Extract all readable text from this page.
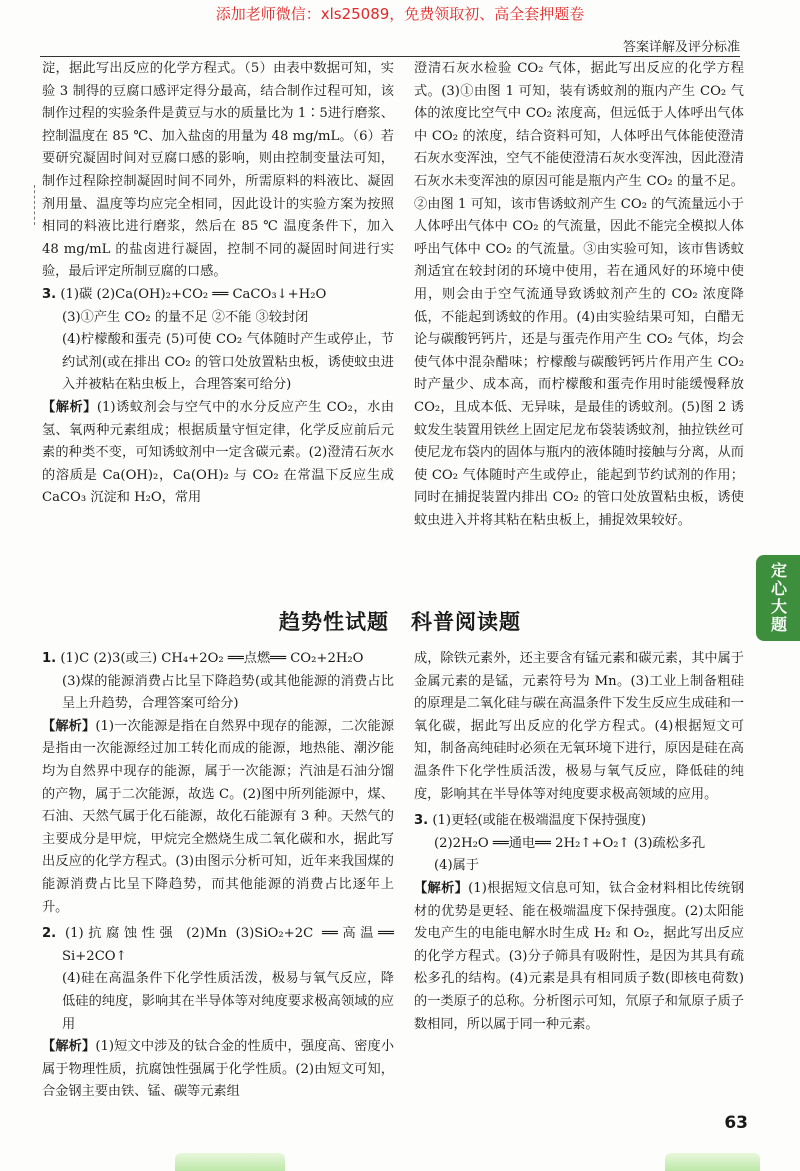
添加老师微信：xls25089，免费领取初、高全套押题卷
答案详解及评分标准

淀，据此写出反应的化学方程式。（5）由表中数据可知，实验 3 制得的豆腐口感评定得分最高，结合制作过程可知，该制作过程的实验条件是黄豆与水的质量比为 1∶5进行磨浆、控制温度在 85 ℃、加入盐卤的用量为 48 mg/mL。（6）若要研究凝固时间对豆腐口感的影响，则由控制变量法可知，制作过程除控制凝固时间不同外，所需原料的料液比、凝固剂用量、温度等均应完全相同，因此设计的实验方案为按照相同的料液比进行磨浆，然后在 85 ℃ 温度条件下，加入 48 mg/mL 的盐卤进行凝固，控制不同的凝固时间进行实验，最后评定所制豆腐的口感。

3. (1)碳 (2)Ca(OH)₂+CO₂ ══ CaCO₃↓+H₂O

(3)①产生 CO₂ 的量不足 ②不能 ③较封闭

(4)柠檬酸和蛋壳 (5)可使 CO₂ 气体随时产生或停止，节约试剂(或在排出 CO₂ 的管口处放置粘虫板，诱使蚊虫进入并被粘在粘虫板上，合理答案可给分)

【解析】(1)诱蚊剂会与空气中的水分反应产生 CO₂，水由氢、氧两种元素组成；根据质量守恒定律，化学反应前后元素的种类不变，可知诱蚊剂中一定含碳元素。(2)澄清石灰水的溶质是 Ca(OH)₂，Ca(OH)₂ 与 CO₂ 在常温下反应生成 CaCO₃ 沉淀和 H₂O，常用

澄清石灰水检验 CO₂ 气体，据此写出反应的化学方程式。(3)①由图 1 可知，装有诱蚊剂的瓶内产生 CO₂ 气体的浓度比空气中 CO₂ 浓度高，但远低于人体呼出气体中 CO₂ 的浓度，结合资料可知，人体呼出气体能使澄清石灰水变浑浊，空气不能使澄清石灰水变浑浊，因此澄清石灰水未变浑浊的原因可能是瓶内产生 CO₂ 的量不足。②由图 1 可知，该市售诱蚊剂产生 CO₂ 的气流量远小于人体呼出气体中 CO₂ 的气流量，因此不能完全模拟人体呼出气体中 CO₂ 的气流量。③由实验可知，该市售诱蚊剂适宜在较封闭的环境中使用，若在通风好的环境中使用，则会由于空气流通导致诱蚊剂产生的 CO₂ 浓度降低，不能起到诱蚊的作用。(4)由实验结果可知，白醋无论与碳酸钙钙片，还是与蛋壳作用产生 CO₂ 气体，均会使气体中混杂醋味；柠檬酸与碳酸钙钙片作用产生 CO₂ 时产量少、成本高，而柠檬酸和蛋壳作用时能缓慢释放 CO₂，且成本低、无异味，是最佳的诱蚊剂。(5)图 2 诱蚊发生装置用铁丝上固定尼龙布袋装诱蚊剂，抽拉铁丝可使尼龙布袋内的固体与瓶内的液体随时接触与分离，从而使 CO₂ 气体随时产生或停止，能起到节约试剂的作用；同时在捕捉装置内排出 CO₂ 的管口处放置粘虫板，诱使蚊虫进入并将其粘在粘虫板上，捕捉效果较好。

定心大题
趋势性试题　科普阅读题

1. (1)C (2)3(或三) CH₄+2O₂ ══点燃══ CO₂+2H₂O

(3)煤的能源消费占比呈下降趋势(或其他能源的消费占比呈上升趋势，合理答案可给分)

【解析】(1)一次能源是指在自然界中现存的能源，二次能源是指由一次能源经过加工转化而成的能源，地热能、潮汐能均为自然界中现存的能源，属于一次能源；汽油是石油分馏的产物，属于二次能源，故选 C。(2)图中所列能源中，煤、石油、天然气属于化石能源，故化石能源有 3 种。天然气的主要成分是甲烷，甲烷完全燃烧生成二氧化碳和水，据此写出反应的化学方程式。(3)由图示分析可知，近年来我国煤的能源消费占比呈下降趋势，而其他能源的消费占比逐年上升。

2. (1)抗腐蚀性强 (2)Mn (3)SiO₂+2C ══高温══ Si+2CO↑

(4)硅在高温条件下化学性质活泼，极易与氧气反应，降低硅的纯度，影响其在半导体等对纯度要求极高领域的应用

【解析】(1)短文中涉及的钛合金的性质中，强度高、密度小属于物理性质，抗腐蚀性强属于化学性质。(2)由短文可知，合金钢主要由铁、锰、碳等元素组

成，除铁元素外，还主要含有锰元素和碳元素，其中属于金属元素的是锰，元素符号为 Mn。(3)工业上制备粗硅的原理是二氧化硅与碳在高温条件下发生反应生成硅和一氧化碳，据此写出反应的化学方程式。(4)根据短文可知，制备高纯硅时必须在无氧环境下进行，原因是硅在高温条件下化学性质活泼，极易与氧气反应，降低硅的纯度，影响其在半导体等对纯度要求极高领域的应用。

3. (1)更轻(或能在极端温度下保持强度)

(2)2H₂O ══通电══ 2H₂↑+O₂↑ (3)疏松多孔

(4)属于

【解析】(1)根据短文信息可知，钛合金材料相比传统钢材的优势是更轻、能在极端温度下保持强度。(2)太阳能发电产生的电能电解水时生成 H₂ 和 O₂，据此写出反应的化学方程式。(3)分子筛具有吸附性，是因为其具有疏松多孔的结构。(4)元素是具有相同质子数(即核电荷数)的一类原子的总称。分析图示可知，氘原子和氚原子质子数相同，所以属于同一种元素。

63
